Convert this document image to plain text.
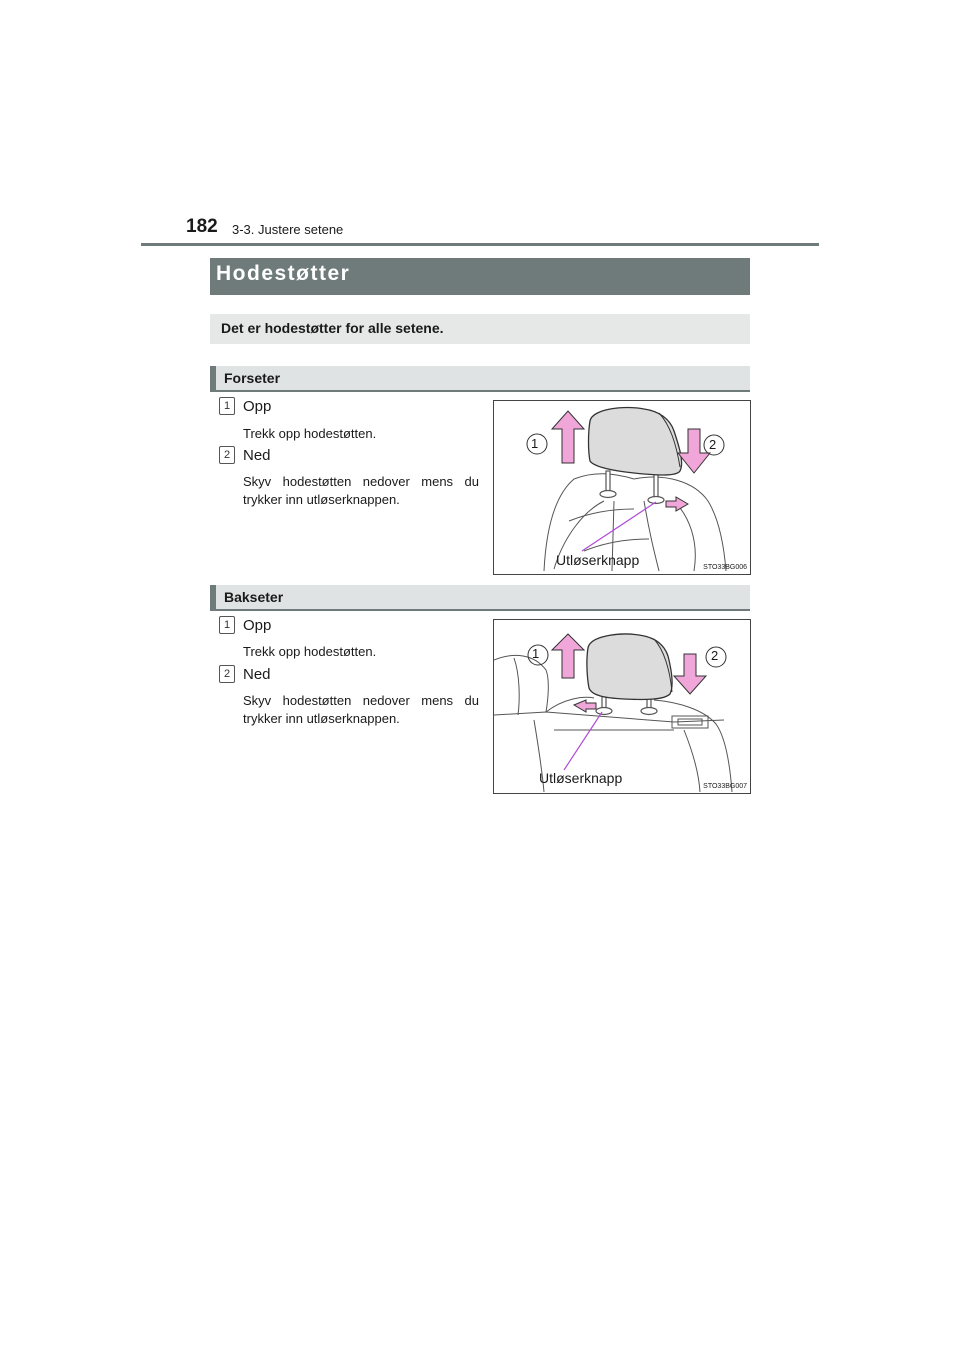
182 3-3. Justere setene
Hodestøtter
Det er hodestøtter for alle setene.
Forseter
1 Opp
Trekk opp hodestøtten.
2 Ned
Skyv hodestøtten nedover mens du trykker inn utløserknappen.
1	2
Utløserknapp	STO33BG006
Bakseter
1 Opp
Trekk opp hodestøtten.
2 Ned
Skyv hodestøtten nedover mens du trykker inn utløserknappen.
1	2
Utløserknapp
STO33BG007
